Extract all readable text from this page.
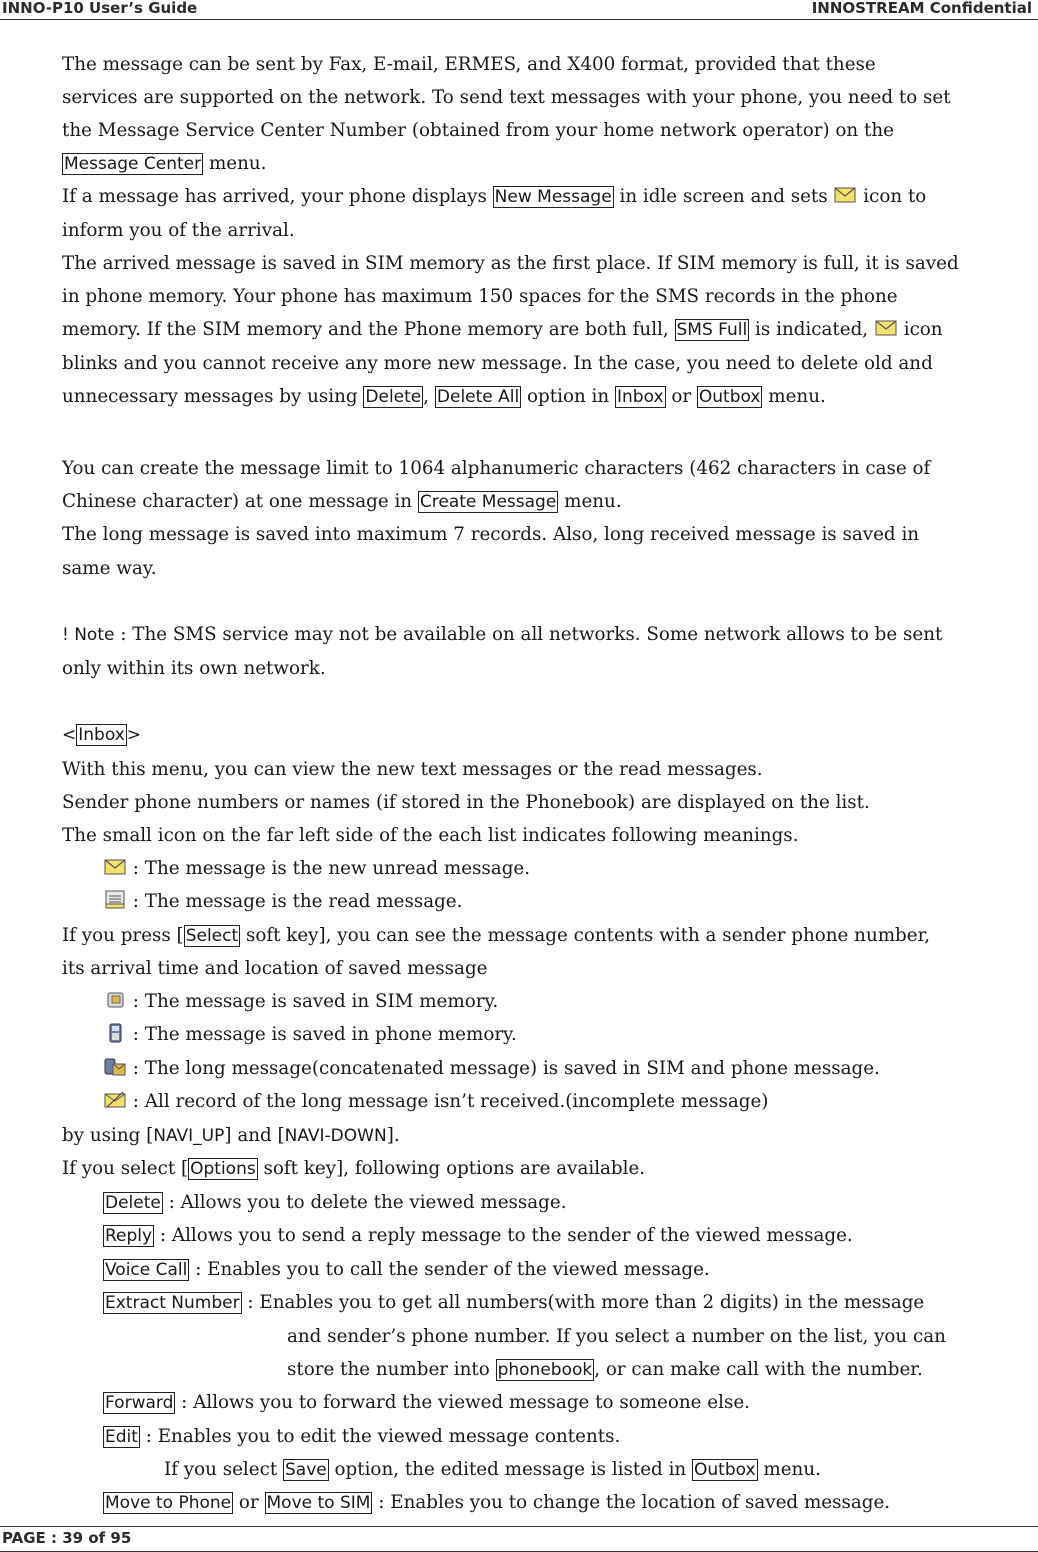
INNO-P10 User’s Guide	INNOSTREAM Confidential
The message can be sent by Fax, E-mail, ERMES, and X400 format, provided that these
services are supported on the network. To send text messages with your phone, you need to set
the Message Service Center Number (obtained from your home network operator) on the
Message Center menu.
If a message has arrived, your phone displays New Message in idle screen and sets
icon to
inform you of the arrival.
The arrived message is saved in SIM memory as the first place. If SIM memory is full, it is saved
in phone memory. Your phone has maximum 150 spaces for the SMS records in the phone
memory. If the SIM memory and the Phone memory are both full, SMS Full is indicated,
icon
blinks and you cannot receive any more new message. In the case, you need to delete old and
unnecessary messages by using Delete , Delete All option in Inbox or Outbox menu.
You can create the message limit to 1064 alphanumeric characters (462 characters in case of
Chinese character) at one message in Create Message menu.
The long message is saved into maximum 7 records. Also, long received message is saved in
same way.
! Note : The SMS service may not be available on all networks. Some network allows to be sent
only within its own network.
< Inbox >
With this menu, you can view the new text messages or the read messages.
Sender phone numbers or names (if stored in the Phonebook) are displayed on the list.
The small icon on the far left side of the each list indicates following meanings.
: The message is the new unread message.
: The message is the read message.
If you press [ Select soft key], you can see the message contents with a sender phone number,
its arrival time and location of saved message
: The message is saved in SIM memory.
: The message is saved in phone memory.
: The long message(concatenated message) is saved in SIM and phone message.
: All record of the long message isn’t received.(incomplete message)
by using [NAVI_UP] and [NAVI-DOWN].
If you select [ Options soft key], following options are available.
Delete : Allows you to delete the viewed message.
Reply : Allows you to send a reply message to the sender of the viewed message.
Voice Call : Enables you to call the sender of the viewed message.
Extract Number : Enables you to get all numbers(with more than 2 digits) in the message
and sender’s phone number. If you select a number on the list, you can
store the number into phonebook , or can make call with the number.
Forward : Allows you to forward the viewed message to someone else.
Edit : Enables you to edit the viewed message contents.
If you select Save option, the edited message is listed in Outbox menu.
Move to Phone or Move to SIM : Enables you to change the location of saved message.
PAGE : 39 of 95
